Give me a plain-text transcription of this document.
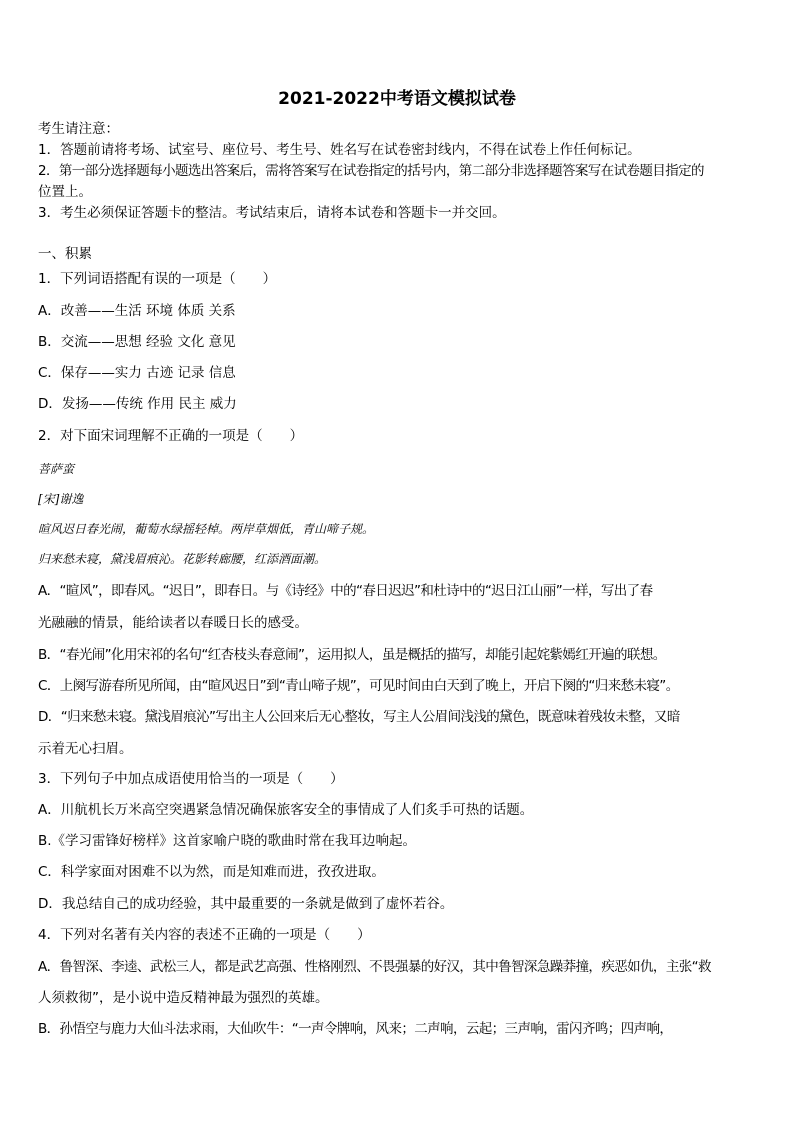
2021-2022中考语文模拟试卷
考生请注意：
1．答题前请将考场、试室号、座位号、考生号、姓名写在试卷密封线内，不得在试卷上作任何标记。
2．第一部分选择题每小题选出答案后，需将答案写在试卷指定的括号内，第二部分非选择题答案写在试卷题目指定的
位置上。
3．考生必须保证答题卡的整洁。考试结束后，请将本试卷和答题卡一并交回。
一、积累
1．下列词语搭配有误的一项是（　　）
A．改善——生活 环境 体质 关系
B．交流——思想 经验 文化 意见
C．保存——实力 古迹 记录 信息
D．发扬——传统 作用 民主 威力
2．对下面宋词理解不正确的一项是（　　）
菩萨蛮
[宋]谢逸
暄风迟日春光闹，葡萄水绿摇轻棹。两岸草烟低，青山啼子规。
归来愁未寝，黛浅眉痕沁。花影转廊腰，红添酒面潮。
A．“暄风”，即春风。“迟日”，即春日。与《诗经》中的“春日迟迟”和杜诗中的“迟日江山丽”一样，写出了春
光融融的情景，能给读者以春暖日长的感受。
B．“春光闹”化用宋祁的名句“红杏枝头春意闹”，运用拟人，虽是概括的描写，却能引起姹紫嫣红开遍的联想。
C．上阕写游春所见所闻，由“暄风迟日”到“青山啼子规”，可见时间由白天到了晚上，开启下阕的“归来愁未寝”。
D．“归来愁未寝。黛浅眉痕沁”写出主人公回来后无心整妆，写主人公眉间浅浅的黛色，既意味着残妆未整，又暗
示着无心扫眉。
3．下列句子中加点成语使用恰当的一项是（　　）
A．川航机长万米高空突遇紧急情况确保旅客安全的事情成了人们炙手可热的话题。
B.《学习雷锋好榜样》这首家喻户晓的歌曲时常在我耳边响起。
C．科学家面对困难不以为然，而是知难而进，孜孜进取。
D．我总结自己的成功经验，其中最重要的一条就是做到了虚怀若谷。
4．下列对名著有关内容的表述不正确的一项是（　　）
A．鲁智深、李逵、武松三人，都是武艺高强、性格刚烈、不畏强暴的好汉，其中鲁智深急躁莽撞，疾恶如仇，主张“救
人须救彻”，是小说中造反精神最为强烈的英雄。
B．孙悟空与鹿力大仙斗法求雨，大仙吹牛：“一声令牌响，风来；二声响，云起；三声响，雷闪齐鸣；四声响，
